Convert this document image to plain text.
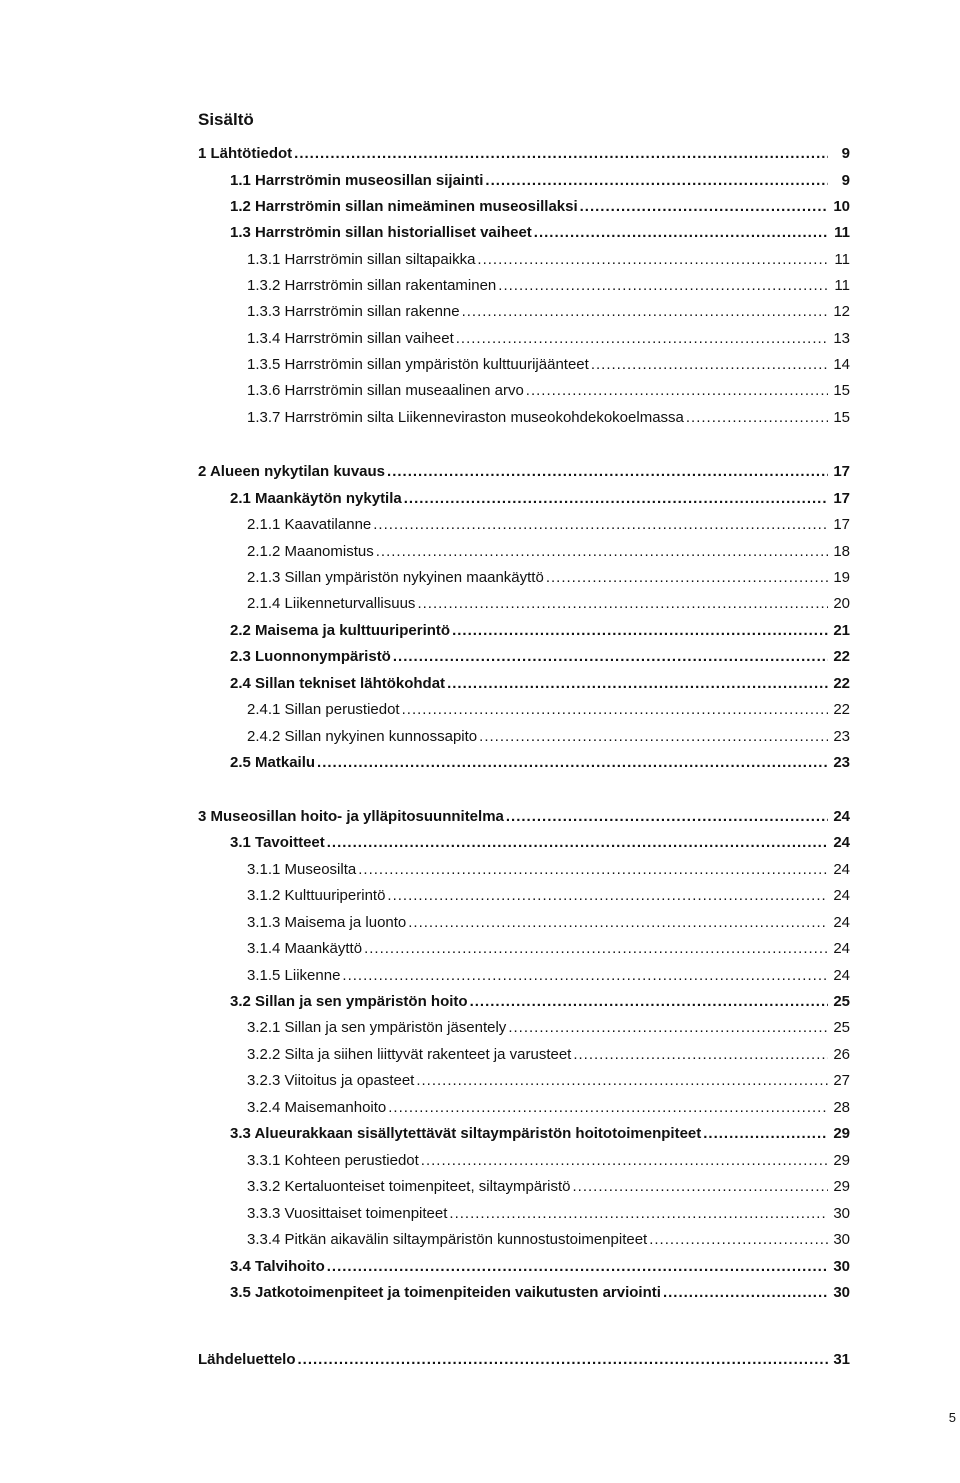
Sisältö
1 Lähtötiedot .....	9
1.1 Harrströmin museosillan sijainti .....	9
1.2 Harrströmin sillan nimeäminen museosillaksi .....	10
1.3 Harrströmin sillan historialliset vaiheet .....	11
1.3.1 Harrströmin sillan siltapaikka .....	11
1.3.2 Harrströmin sillan rakentaminen .....	11
1.3.3 Harrströmin sillan rakenne .....	12
1.3.4 Harrströmin sillan vaiheet .....	13
1.3.5 Harrströmin sillan ympäristön kulttuurijäänteet .....	14
1.3.6 Harrströmin sillan museaalinen arvo .....	15
1.3.7 Harrströmin silta Liikenneviraston museokohdekokoelmassa .....	15
2 Alueen nykytilan kuvaus .....	17
2.1 Maankäytön nykytila .....	17
2.1.1 Kaavatilanne .....	17
2.1.2 Maanomistus .....	18
2.1.3 Sillan ympäristön nykyinen maankäyttö .....	19
2.1.4 Liikenneturvallisuus .....	20
2.2 Maisema ja kulttuuriperintö .....	21
2.3 Luonnonympäristö .....	22
2.4 Sillan tekniset lähtökohdat .....	22
2.4.1 Sillan perustiedot .....	22
2.4.2 Sillan nykyinen kunnossapito .....	23
2.5 Matkailu .....	23
3 Museosillan hoito- ja ylläpitosuunnitelma .....	24
3.1 Tavoitteet .....	24
3.1.1 Museosilta .....	24
3.1.2 Kulttuuriperintö .....	24
3.1.3 Maisema ja luonto .....	24
3.1.4 Maankäyttö .....	24
3.1.5 Liikenne .....	24
3.2 Sillan ja sen ympäristön hoito .....	25
3.2.1 Sillan ja sen ympäristön jäsentely .....	25
3.2.2 Silta ja siihen liittyvät rakenteet ja varusteet .....	26
3.2.3 Viitoitus ja opasteet .....	27
3.2.4 Maisemanhoito .....	28
3.3 Alueurakkaan sisällytettävät siltaympäristön hoitotoimenpiteet .....	29
3.3.1 Kohteen perustiedot .....	29
3.3.2 Kertaluonteiset toimenpiteet, siltaympäristö .....	29
3.3.3 Vuosittaiset toimenpiteet .....	30
3.3.4 Pitkän aikavälin siltaympäristön kunnostustoimenpiteet .....	30
3.4 Talvihoito .....	30
3.5 Jatkotoimenpiteet ja toimenpiteiden vaikutusten arviointi .....	30
Lähdeluettelo .....	31
5
